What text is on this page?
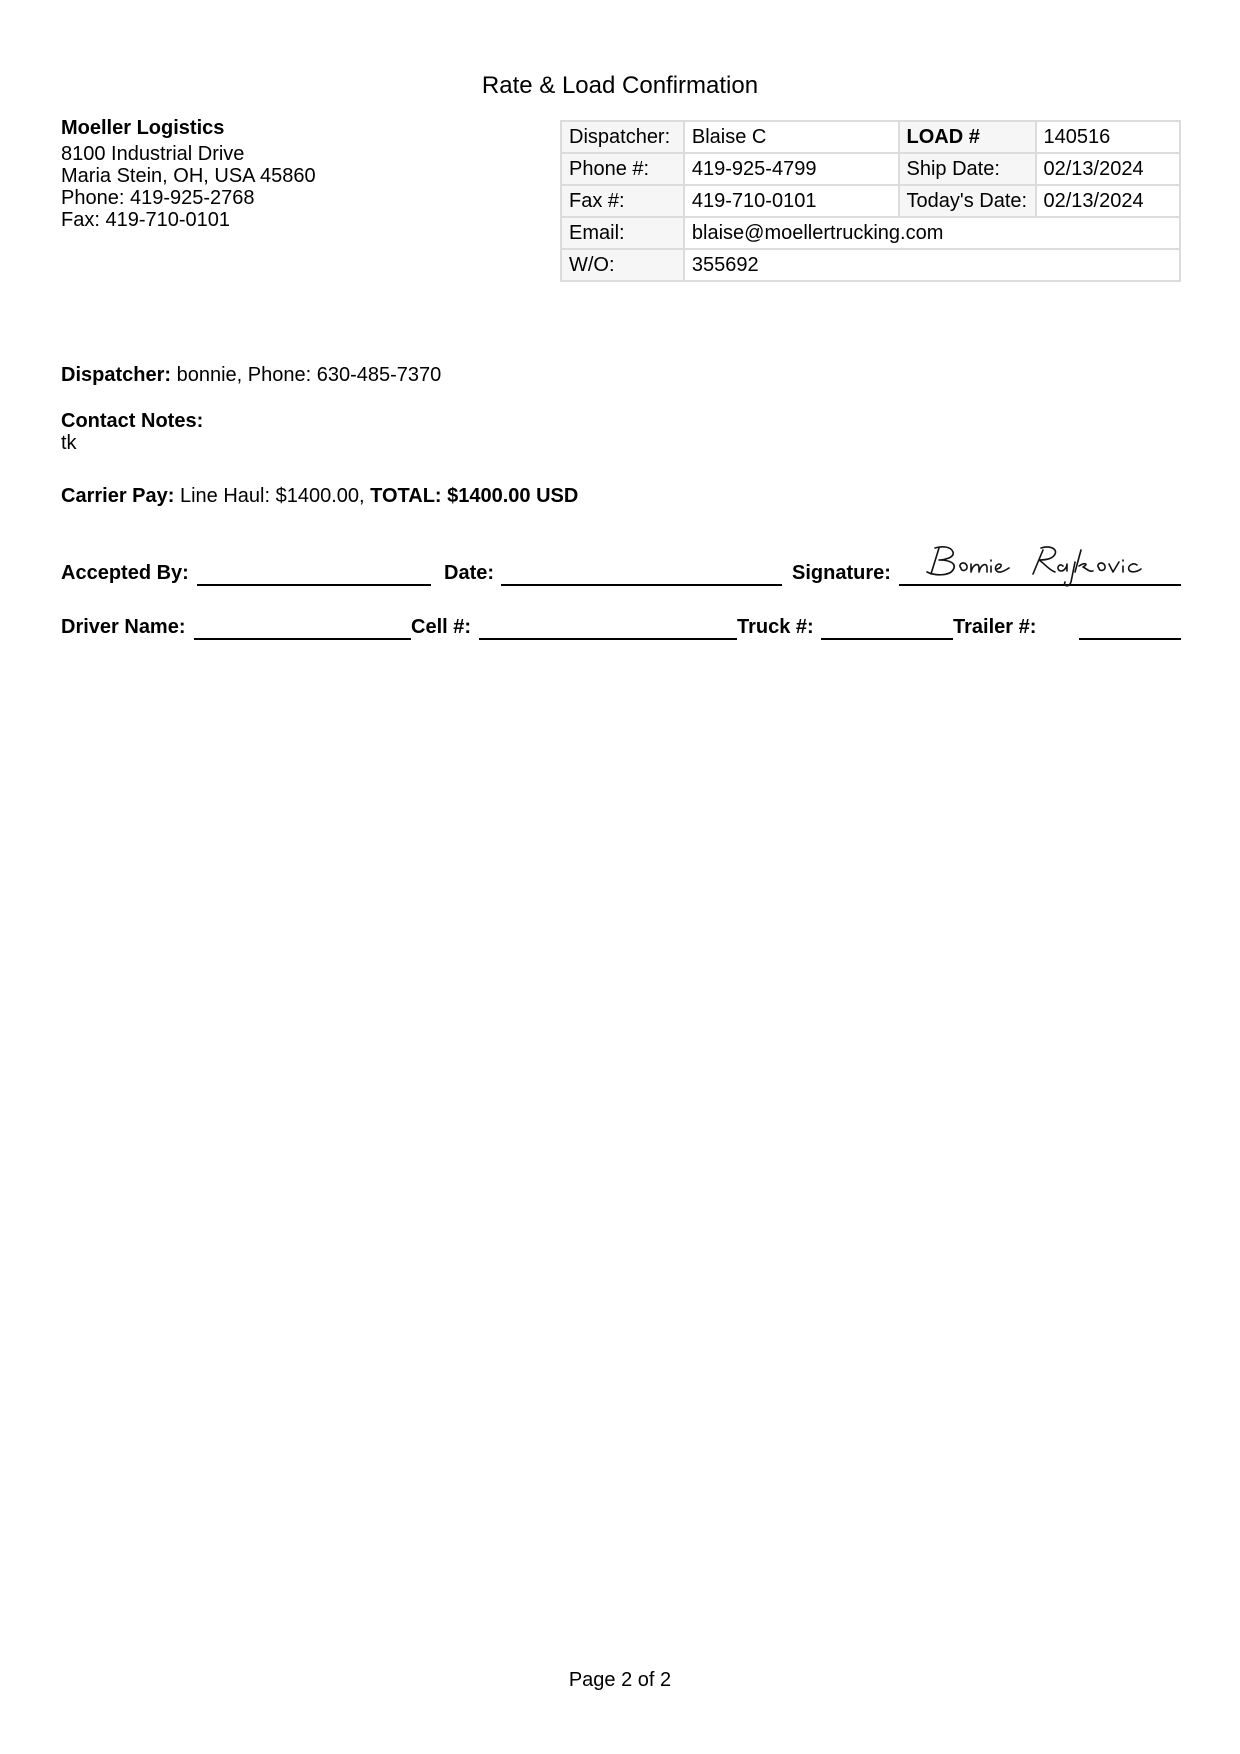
Rate & Load Confirmation
Moeller Logistics
8100 Industrial Drive
Maria Stein, OH, USA 45860
Phone: 419-925-2768
Fax: 419-710-0101
Dispatcher:	Blaise C	LOAD #	140516
Phone #:	419-925-4799	Ship Date:	02/13/2024
Fax #:	419-710-0101	Today's Date:	02/13/2024
Email:	blaise@moellertrucking.com		
W/O:	355692		
Dispatcher: bonnie, Phone: 630-485-7370
Contact Notes:
tk
Carrier Pay: Line Haul: $1400.00, TOTAL: $1400.00 USD
Accepted By:	Date:	Signature:
Driver Name:	Cell #:	Truck #:	Trailer #:
Page 2 of 2
